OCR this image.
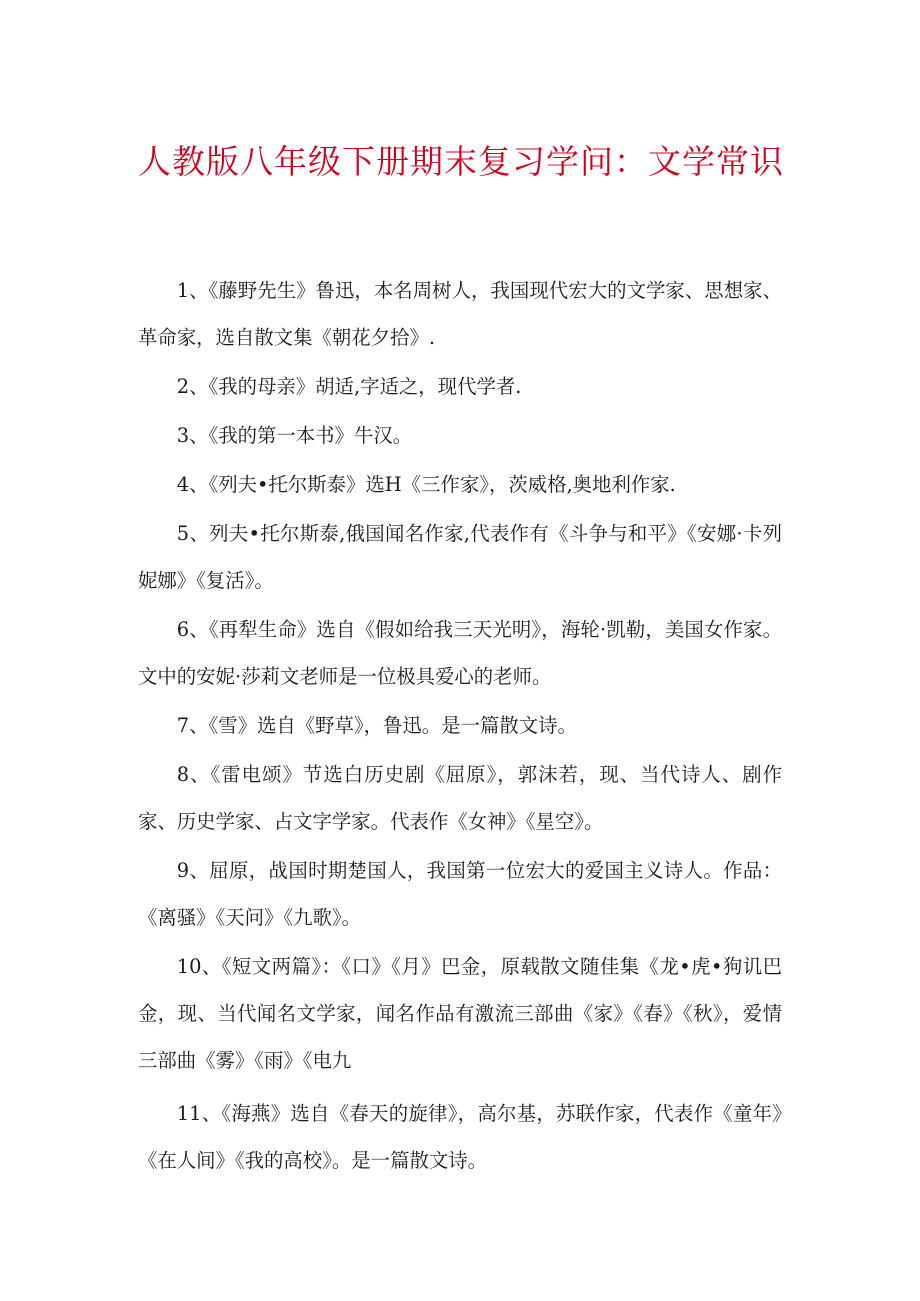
人教版八年级下册期末复习学问：文学常识

1、《藤野先生》鲁迅，本名周树人，我国现代宏大的文学家、思想家、革命家，选自散文集《朝花夕拾》.

2、《我的母亲》胡适,字适之，现代学者.

3、《我的第一本书》牛汉。

4、《列夫•托尔斯泰》选H《三作家》，茨威格,奥地利作家.

5、列夫•托尔斯泰,俄国闻名作家,代表作有《斗争与和平》《安娜·卡列妮娜》《复活》。

6、《再犁生命》选自《假如给我三天光明》，海轮·凯勒，美国女作家。文中的安妮·莎莉文老师是一位极具爱心的老师。

7、《雪》选自《野草》，鲁迅。是一篇散文诗。

8、《雷电颂》节选白历史剧《屈原》，郭沫若，现、当代诗人、剧作家、历史学家、占文字学家。代表作《女神》《星空》。

9、屈原，战国时期楚国人，我国第一位宏大的爱国主义诗人。作品：《离骚》《天问》《九歌》。

10、《短文两篇》：《口》《月》巴金，原载散文随佳集《龙•虎•狗讥巴金，现、当代闻名文学家，闻名作品有激流三部曲《家》《春》《秋》，爱情三部曲《雾》《雨》《电九

11、《海燕》选自《春天的旋律》，高尔基，苏联作家，代表作《童年》《在人间》《我的高校》。是一篇散文诗。
